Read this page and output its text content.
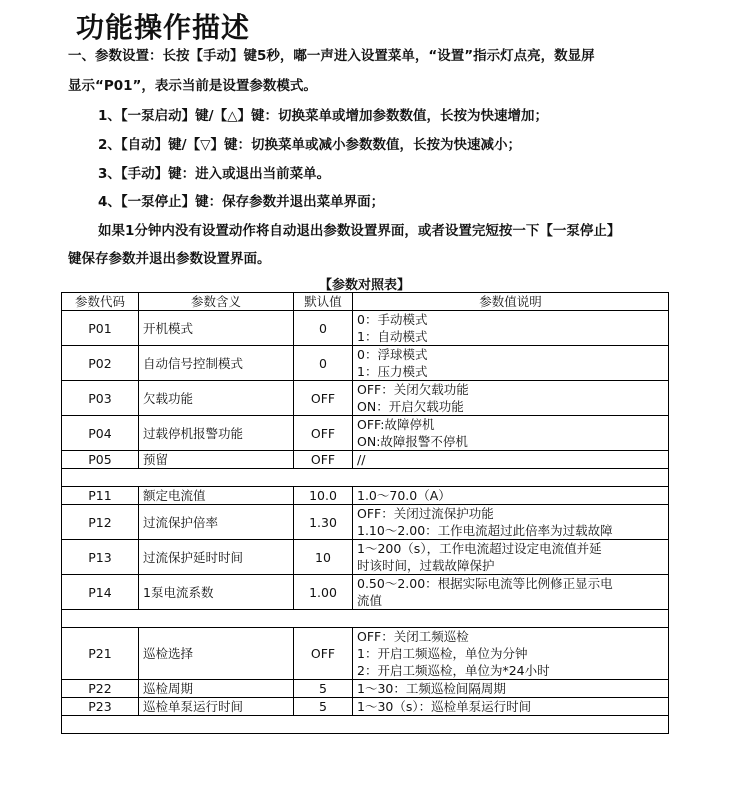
功能操作描述
一、参数设置：长按【手动】键5秒，嘟一声进入设置菜单，“设置”指示灯点亮，数显屏
显示“P01”，表示当前是设置参数模式。
1、【一泵启动】键/【△】键：切换菜单或增加参数数值，长按为快速增加；
2、【自动】键/【▽】键：切换菜单或减小参数数值，长按为快速减小；
3、【手动】键：进入或退出当前菜单。
4、【一泵停止】键：保存参数并退出菜单界面；
如果1分钟内没有设置动作将自动退出参数设置界面，或者设置完短按一下【一泵停止】
键保存参数并退出参数设置界面。
【参数对照表】
参数代码	参数含义	默认值	参数值说明
P01	开机模式	0	0：手动模式
1：自动模式

P02	自动信号控制模式	0	0：浮球模式
1：压力模式

P03	欠载功能	OFF	OFF：关闭欠载功能
ON：开启欠载功能

P04	过载停机报警功能	OFF	OFF:故障停机
ON:故障报警不停机

P05	预留	OFF	//

P11	额定电流值	10.0	1.0～70.0（A）

P12	过流保护倍率	1.30	OFF：关闭过流保护功能
1.10～2.00：工作电流超过此倍率为过载故障

P13	过流保护延时时间	10	1～200（s），工作电流超过设定电流值并延
时该时间，过载故障保护

P14	1泵电流系数	1.00	0.50～2.00：根据实际电流等比例修正显示电
流值

P21	巡检选择	OFF	OFF：关闭工频巡检
1：开启工频巡检，单位为分钟
2：开启工频巡检，单位为*24小时

P22	巡检周期	5	1～30：工频巡检间隔周期

P23	巡检单泵运行时间	5	1～30（s）：巡检单泵运行时间
